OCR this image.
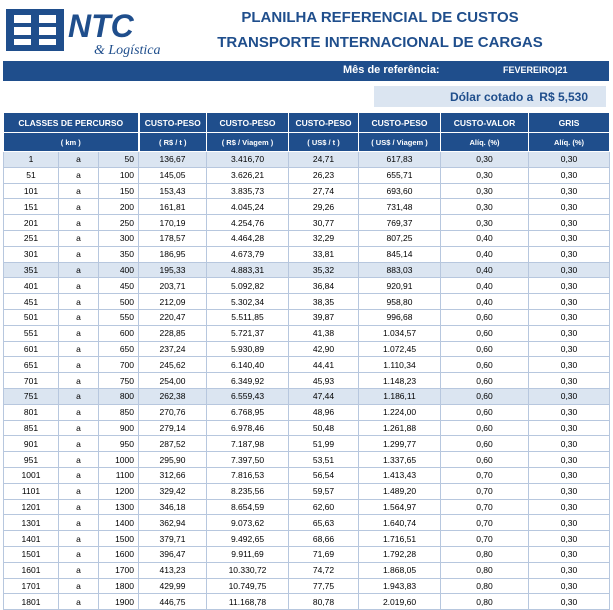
NTC
& Logística
PLANILHA REFERENCIAL DE CUSTOS
TRANSPORTE INTERNACIONAL DE CARGAS
Mês de referência:	FEVEREIRO|21
Dólar cotado a R$ 5,530
CLASSES DE PERCURSO			CUSTO-PESO	CUSTO-PESO	CUSTO-PESO	CUSTO-PESO	CUSTO-VALOR	GRIS
( km )			( R$ / t )	( R$ / Viagem )	( US$ / t )	( US$ / Viagem )	Alíq. (%)	Alíq. (%)
1	a	50	136,67	3.416,70	24,71	617,83	0,30	0,30
51	a	100	145,05	3.626,21	26,23	655,71	0,30	0,30
101	a	150	153,43	3.835,73	27,74	693,60	0,30	0,30
151	a	200	161,81	4.045,24	29,26	731,48	0,30	0,30
201	a	250	170,19	4.254,76	30,77	769,37	0,30	0,30
251	a	300	178,57	4.464,28	32,29	807,25	0,40	0,30
301	a	350	186,95	4.673,79	33,81	845,14	0,40	0,30
351	a	400	195,33	4.883,31	35,32	883,03	0,40	0,30
401	a	450	203,71	5.092,82	36,84	920,91	0,40	0,30
451	a	500	212,09	5.302,34	38,35	958,80	0,40	0,30
501	a	550	220,47	5.511,85	39,87	996,68	0,60	0,30
551	a	600	228,85	5.721,37	41,38	1.034,57	0,60	0,30
601	a	650	237,24	5.930,89	42,90	1.072,45	0,60	0,30
651	a	700	245,62	6.140,40	44,41	1.110,34	0,60	0,30
701	a	750	254,00	6.349,92	45,93	1.148,23	0,60	0,30
751	a	800	262,38	6.559,43	47,44	1.186,11	0,60	0,30
801	a	850	270,76	6.768,95	48,96	1.224,00	0,60	0,30
851	a	900	279,14	6.978,46	50,48	1.261,88	0,60	0,30
901	a	950	287,52	7.187,98	51,99	1.299,77	0,60	0,30
951	a	1000	295,90	7.397,50	53,51	1.337,65	0,60	0,30
1001	a	1100	312,66	7.816,53	56,54	1.413,43	0,70	0,30
1101	a	1200	329,42	8.235,56	59,57	1.489,20	0,70	0,30
1201	a	1300	346,18	8.654,59	62,60	1.564,97	0,70	0,30
1301	a	1400	362,94	9.073,62	65,63	1.640,74	0,70	0,30
1401	a	1500	379,71	9.492,65	68,66	1.716,51	0,70	0,30
1501	a	1600	396,47	9.911,69	71,69	1.792,28	0,80	0,30
1601	a	1700	413,23	10.330,72	74,72	1.868,05	0,80	0,30
1701	a	1800	429,99	10.749,75	77,75	1.943,83	0,80	0,30
1801	a	1900	446,75	11.168,78	80,78	2.019,60	0,80	0,30
